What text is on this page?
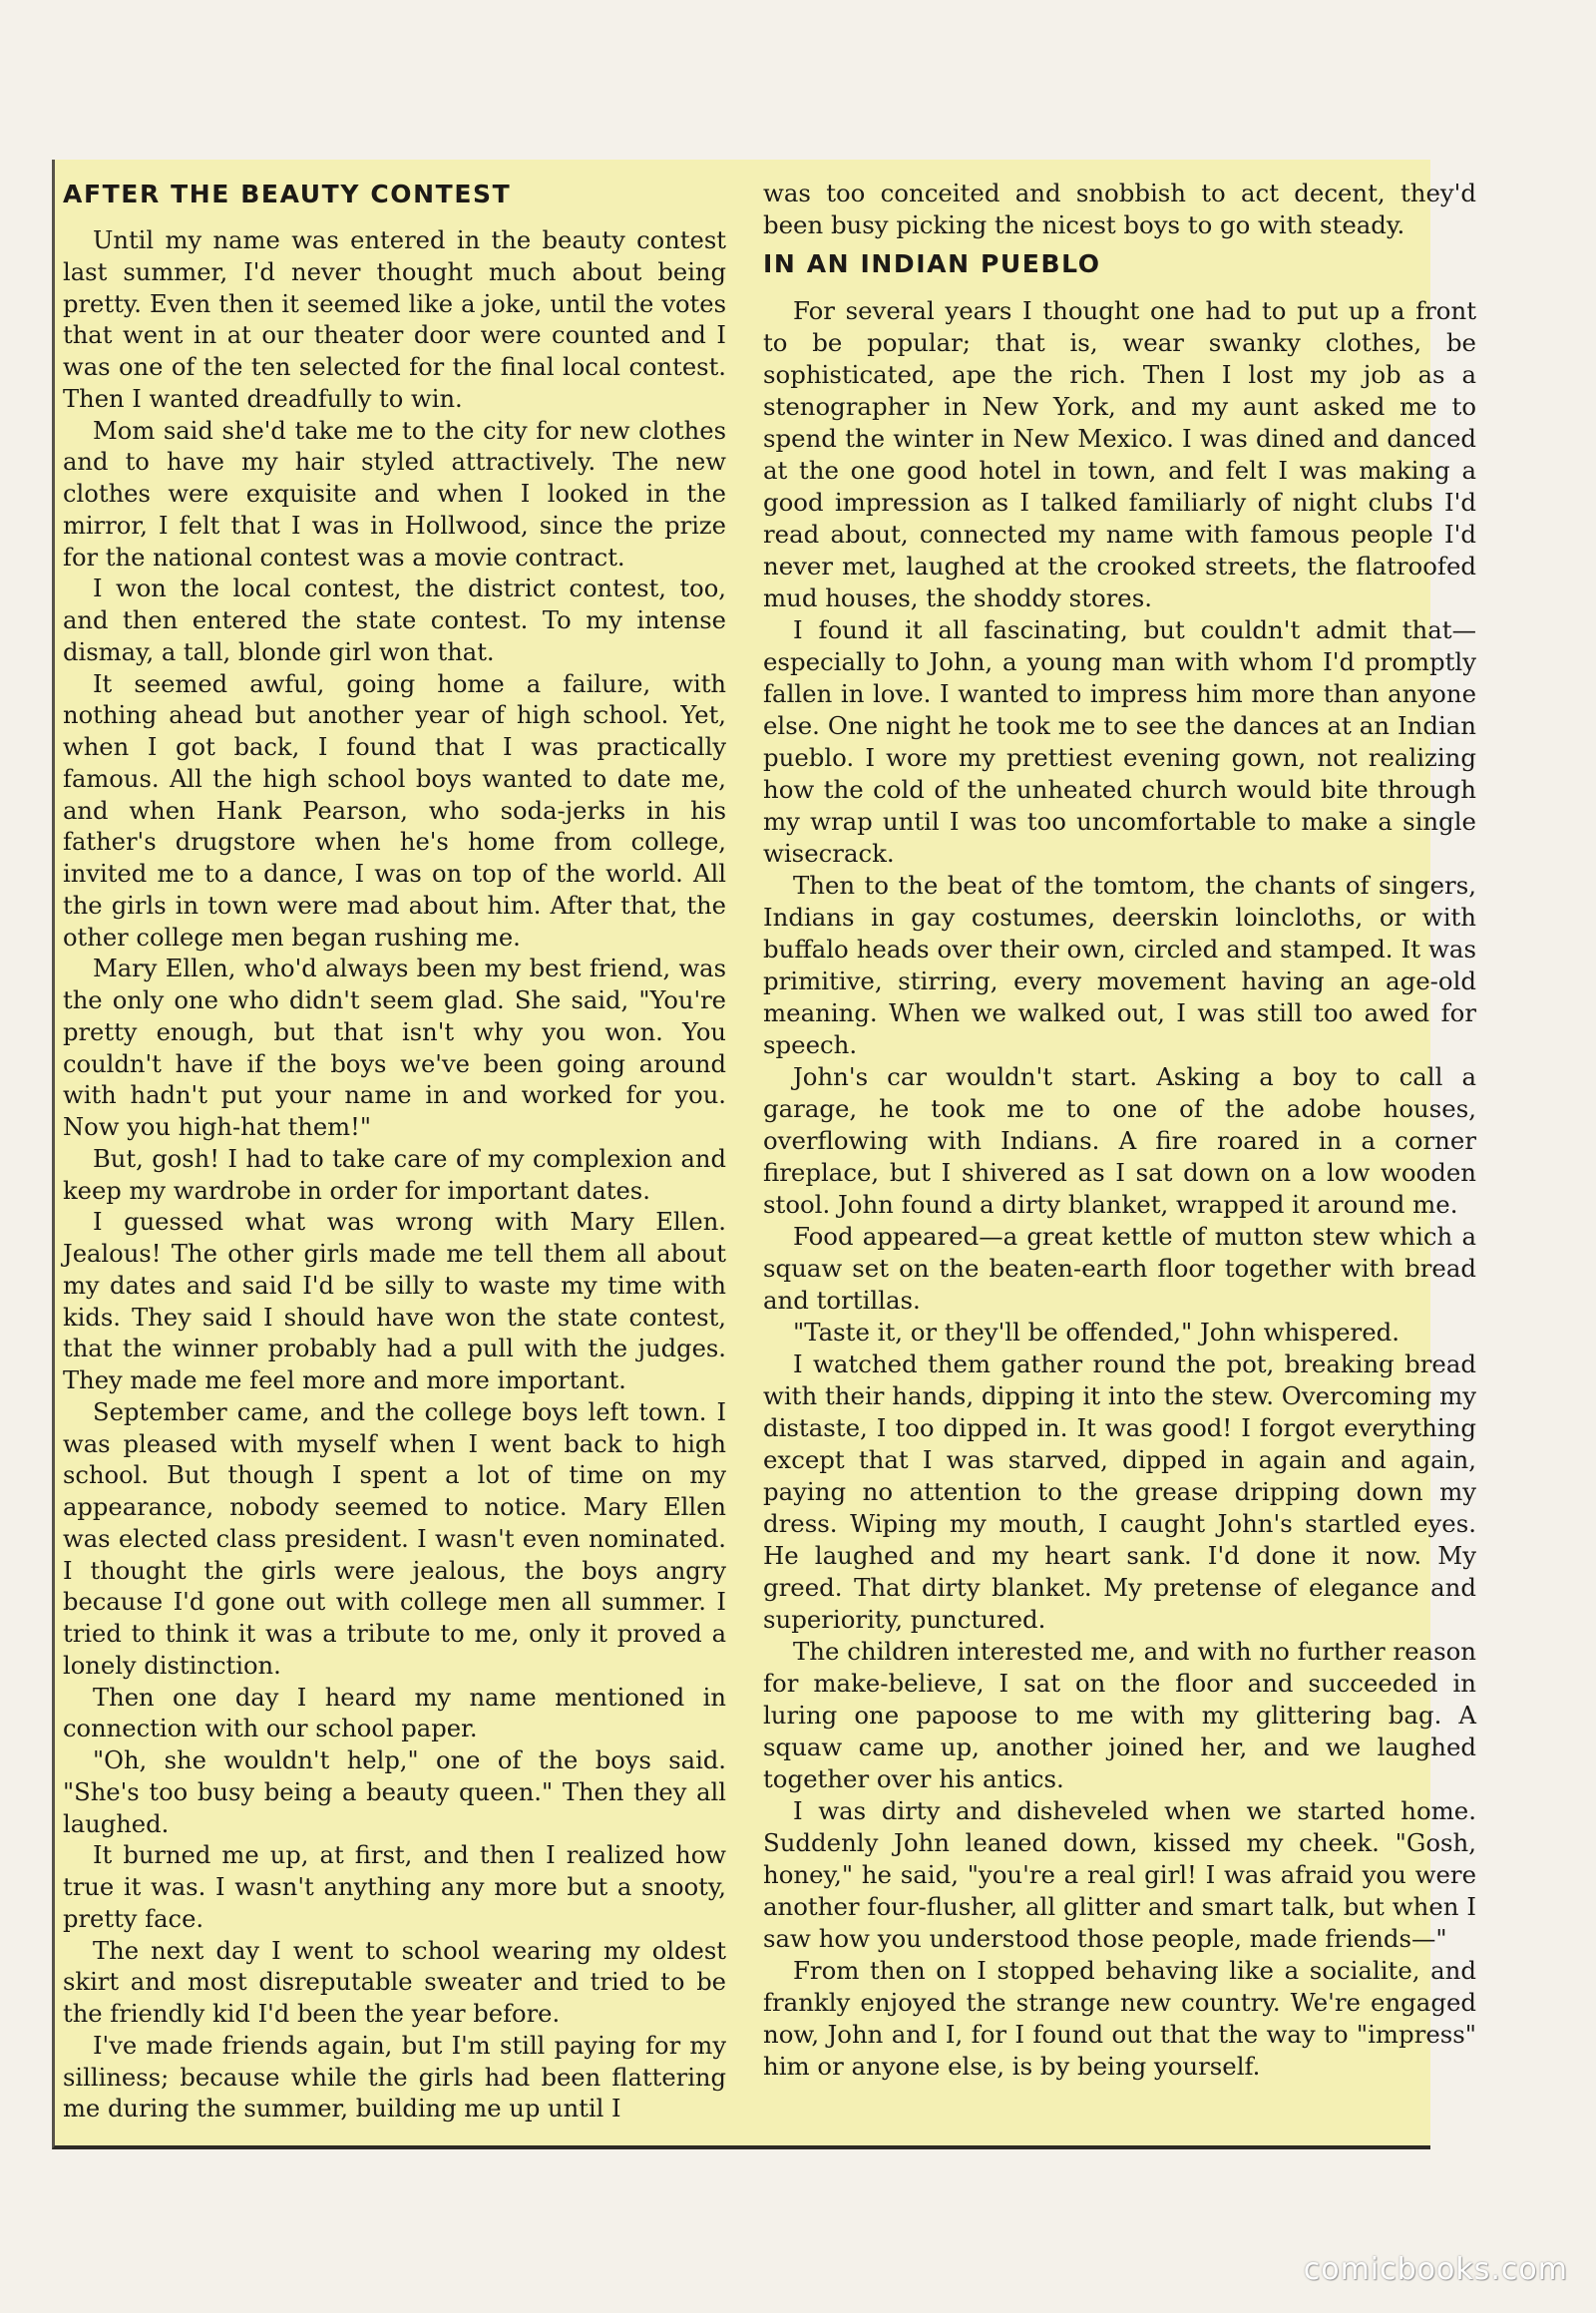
AFTER THE BEAUTY CONTEST

Until my name was entered in the beauty contest last summer, I'd never thought much about being pretty. Even then it seemed like a joke, until the votes that went in at our theater door were counted and I was one of the ten selected for the final local contest. Then I wanted dreadfully to win.

Mom said she'd take me to the city for new clothes and to have my hair styled attractively. The new clothes were exquisite and when I looked in the mirror, I felt that I was in Hollwood, since the prize for the national contest was a movie contract.

I won the local contest, the district contest, too, and then entered the state contest. To my intense dismay, a tall, blonde girl won that.

It seemed awful, going home a failure, with nothing ahead but another year of high school. Yet, when I got back, I found that I was practically famous. All the high school boys wanted to date me, and when Hank Pearson, who soda-jerks in his father's drugstore when he's home from college, invited me to a dance, I was on top of the world. All the girls in town were mad about him. After that, the other college men began rushing me.

Mary Ellen, who'd always been my best friend, was the only one who didn't seem glad. She said, "You're pretty enough, but that isn't why you won. You couldn't have if the boys we've been going around with hadn't put your name in and worked for you. Now you high-hat them!"

But, gosh! I had to take care of my complexion and keep my wardrobe in order for important dates.

I guessed what was wrong with Mary Ellen. Jealous! The other girls made me tell them all about my dates and said I'd be silly to waste my time with kids. They said I should have won the state contest, that the winner probably had a pull with the judges. They made me feel more and more important.

September came, and the college boys left town. I was pleased with myself when I went back to high school. But though I spent a lot of time on my appearance, nobody seemed to notice. Mary Ellen was elected class president. I wasn't even nominated. I thought the girls were jealous, the boys angry because I'd gone out with college men all summer. I tried to think it was a tribute to me, only it proved a lonely distinction.

Then one day I heard my name mentioned in connection with our school paper.

"Oh, she wouldn't help," one of the boys said. "She's too busy being a beauty queen." Then they all laughed.

It burned me up, at first, and then I realized how true it was. I wasn't anything any more but a snooty, pretty face.

The next day I went to school wearing my oldest skirt and most disreputable sweater and tried to be the friendly kid I'd been the year before.

I've made friends again, but I'm still paying for my silliness; because while the girls had been flattering me during the summer, building me up until I

was too conceited and snobbish to act decent, they'd been busy picking the nicest boys to go with steady.

IN AN INDIAN PUEBLO

For several years I thought one had to put up a front to be popular; that is, wear swanky clothes, be sophisticated, ape the rich. Then I lost my job as a stenographer in New York, and my aunt asked me to spend the winter in New Mexico. I was dined and danced at the one good hotel in town, and felt I was making a good impression as I talked familiarly of night clubs I'd read about, connected my name with famous people I'd never met, laughed at the crooked streets, the flatroofed mud houses, the shoddy stores.

I found it all fascinating, but couldn't admit that—especially to John, a young man with whom I'd promptly fallen in love. I wanted to impress him more than anyone else. One night he took me to see the dances at an Indian pueblo. I wore my prettiest evening gown, not realizing how the cold of the unheated church would bite through my wrap until I was too uncomfortable to make a single wisecrack.

Then to the beat of the tomtom, the chants of singers, Indians in gay costumes, deerskin loincloths, or with buffalo heads over their own, circled and stamped. It was primitive, stirring, every movement having an age-old meaning. When we walked out, I was still too awed for speech.

John's car wouldn't start. Asking a boy to call a garage, he took me to one of the adobe houses, overflowing with Indians. A fire roared in a corner fireplace, but I shivered as I sat down on a low wooden stool. John found a dirty blanket, wrapped it around me.

Food appeared—a great kettle of mutton stew which a squaw set on the beaten-earth floor together with bread and tortillas.

"Taste it, or they'll be offended," John whispered.

I watched them gather round the pot, breaking bread with their hands, dipping it into the stew. Overcoming my distaste, I too dipped in. It was good! I forgot everything except that I was starved, dipped in again and again, paying no attention to the grease dripping down my dress. Wiping my mouth, I caught John's startled eyes. He laughed and my heart sank. I'd done it now. My greed. That dirty blanket. My pretense of elegance and superiority, punctured.

The children interested me, and with no further reason for make-believe, I sat on the floor and succeeded in luring one papoose to me with my glittering bag. A squaw came up, another joined her, and we laughed together over his antics.

I was dirty and disheveled when we started home. Suddenly John leaned down, kissed my cheek. "Gosh, honey," he said, "you're a real girl! I was afraid you were another four-flusher, all glitter and smart talk, but when I saw how you understood those people, made friends—"

From then on I stopped behaving like a socialite, and frankly enjoyed the strange new country. We're engaged now, John and I, for I found out that the way to "impress" him or anyone else, is by being yourself.

comicbooks.com
